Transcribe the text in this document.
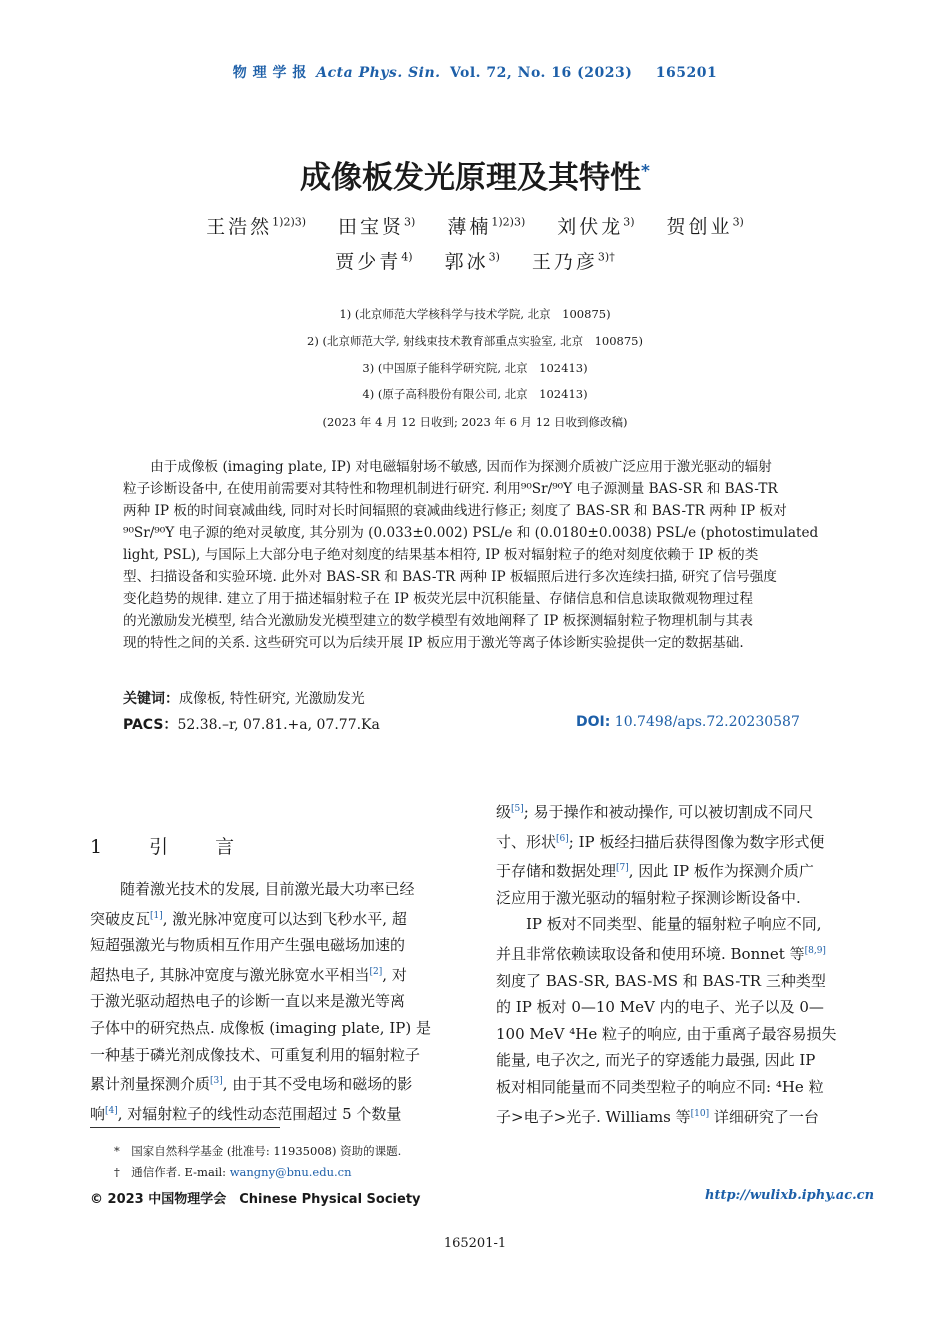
物 理 学 报 Acta Phys. Sin. Vol. 72, No. 16 (2023) 165201
成像板发光原理及其特性*
王浩然$^{1)2)3)}$ 田宝贤$^{3)}$ 薄楠$^{1)2)3)}$ 刘伏龙$^{3)}$ 贺创业$^{3)}$
贾少青$^{4)}$ 郭冰$^{3)}$ 王乃彦$^{3)\dagger}$
1) (北京师范大学核科学与技术学院, 北京　100875)
2) (北京师范大学, 射线束技术教育部重点实验室, 北京　100875)
3) (中国原子能科学研究院, 北京　102413)
4) (原子高科股份有限公司, 北京　102413)
(2023 年 4 月 12 日收到; 2023 年 6 月 12 日收到修改稿)
　　由于成像板 (imaging plate, IP) 对电磁辐射场不敏感, 因而作为探测介质被广泛应用于激光驱动的辐射
粒子诊断设备中, 在使用前需要对其特性和物理机制进行研究. 利用⁹⁰Sr/⁹⁰Y 电子源测量 BAS-SR 和 BAS-TR
两种 IP 板的时间衰减曲线, 同时对长时间辐照的衰减曲线进行修正; 刻度了 BAS-SR 和 BAS-TR 两种 IP 板对
⁹⁰Sr/⁹⁰Y 电子源的绝对灵敏度, 其分别为 (0.033±0.002) PSL/e 和 (0.0180±0.0038) PSL/e (photostimulated
light, PSL), 与国际上大部分电子绝对刻度的结果基本相符, IP 板对辐射粒子的绝对刻度依赖于 IP 板的类
型、扫描设备和实验环境. 此外对 BAS-SR 和 BAS-TR 两种 IP 板辐照后进行多次连续扫描, 研究了信号强度
变化趋势的规律. 建立了用于描述辐射粒子在 IP 板荧光层中沉积能量、存储信息和信息读取微观物理过程
的光激励发光模型, 结合光激励发光模型建立的数学模型有效地阐释了 IP 板探测辐射粒子物理机制与其表
现的特性之间的关系. 这些研究可以为后续开展 IP 板应用于激光等离子体诊断实验提供一定的数据基础.
关键词：成像板, 特性研究, 光激励发光
PACS：52.38.–r, 07.81.+a, 07.77.Ka	DOI: 10.7498/aps.72.20230587
1　引　言
　　随着激光技术的发展, 目前激光最大功率已经
突破皮瓦[1], 激光脉冲宽度可以达到飞秒水平, 超
短超强激光与物质相互作用产生强电磁场加速的
超热电子, 其脉冲宽度与激光脉宽水平相当[2], 对
于激光驱动超热电子的诊断一直以来是激光等离
子体中的研究热点. 成像板 (imaging plate, IP) 是
一种基于磷光剂成像技术、可重复利用的辐射粒子
累计剂量探测介质[3], 由于其不受电场和磁场的影
响[4], 对辐射粒子的线性动态范围超过 5 个数量
级[5]; 易于操作和被动操作, 可以被切割成不同尺
寸、形状[6]; IP 板经扫描后获得图像为数字形式便
于存储和数据处理[7], 因此 IP 板作为探测介质广
泛应用于激光驱动的辐射粒子探测诊断设备中.
　　IP 板对不同类型、能量的辐射粒子响应不同,
并且非常依赖读取设备和使用环境. Bonnet 等[8,9]
刻度了 BAS-SR, BAS-MS 和 BAS-TR 三种类型
的 IP 板对 0—10 MeV 内的电子、光子以及 0—
100 MeV ⁴He 粒子的响应, 由于重离子最容易损失
能量, 电子次之, 而光子的穿透能力最强, 因此 IP
板对相同能量而不同类型粒子的响应不同: ⁴He 粒
子>电子>光子. Williams 等[10] 详细研究了一台
*　国家自然科学基金 (批准号: 11935008) 资助的课题.
†　通信作者. E-mail: wangny@bnu.edu.cn
© 2023 中国物理学会　Chinese Physical Society	http://wulixb.iphy.ac.cn
165201-1
